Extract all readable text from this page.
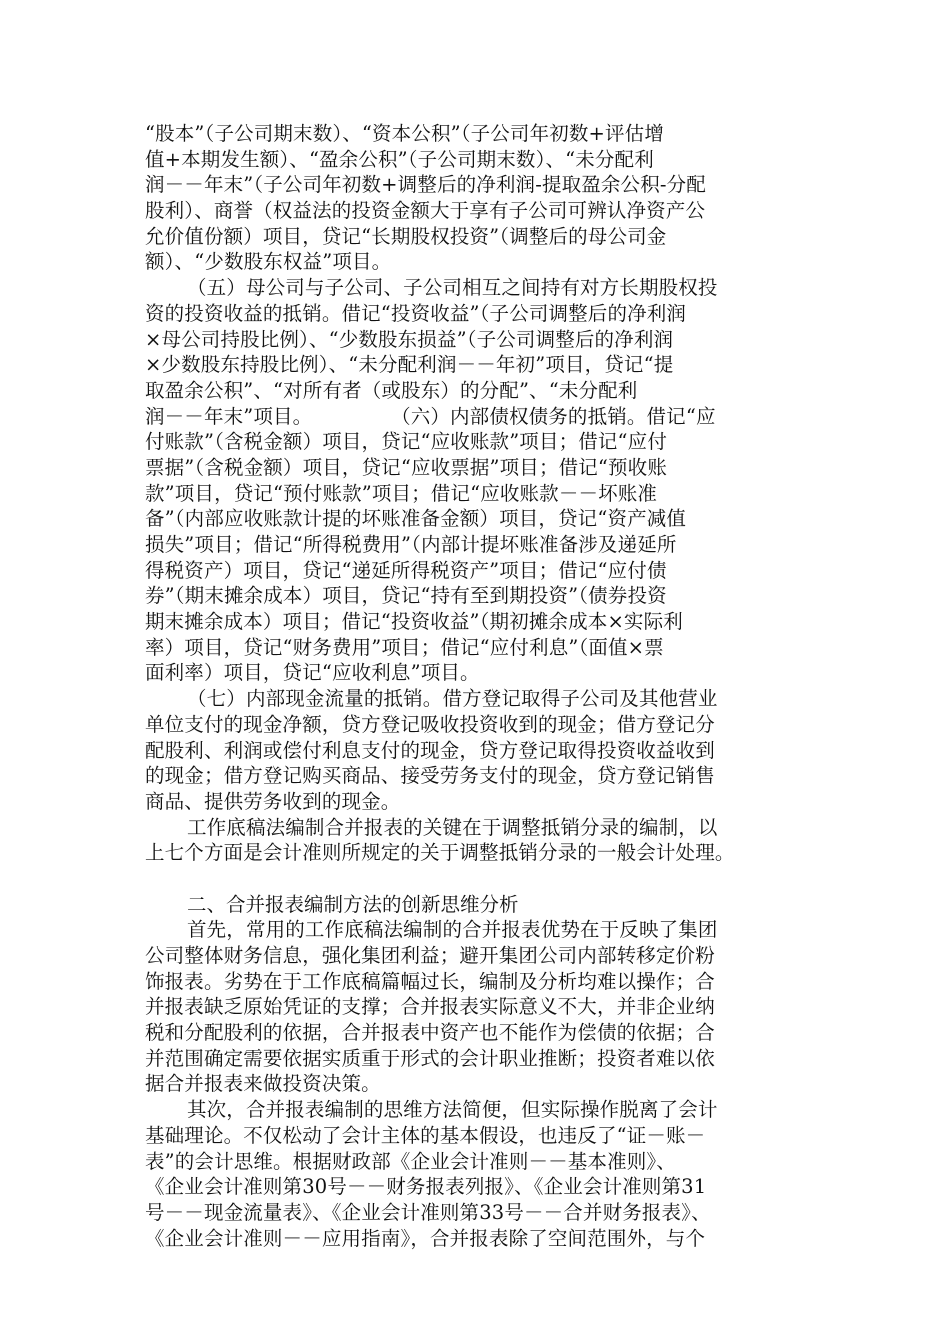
“股本”（子公司期末数）、“资本公积”（子公司年初数+评估增
值+本期发生额）、“盈余公积”（子公司期末数）、“未分配利
润－－年末”（子公司年初数+调整后的净利润-提取盈余公积-分配
股利）、商誉（权益法的投资金额大于享有子公司可辨认净资产公
允价值份额）项目，贷记“长期股权投资”（调整后的母公司金
额）、“少数股东权益”项目。
（五）母公司与子公司、子公司相互之间持有对方长期股权投
资的投资收益的抵销。借记“投资收益”（子公司调整后的净利润
×母公司持股比例）、“少数股东损益”（子公司调整后的净利润
×少数股东持股比例）、“未分配利润－－年初”项目，贷记“提
取盈余公积”、“对所有者（或股东）的分配”、“未分配利
润－－年末”项目。　　　　　（六）内部债权债务的抵销。借记“应
付账款”（含税金额）项目，贷记“应收账款”项目；借记“应付
票据”（含税金额）项目，贷记“应收票据”项目；借记“预收账
款”项目，贷记“预付账款”项目；借记“应收账款－－坏账准
备”（内部应收账款计提的坏账准备金额）项目，贷记“资产减值
损失”项目；借记“所得税费用”（内部计提坏账准备涉及递延所
得税资产）项目，贷记“递延所得税资产”项目；借记“应付债
券”（期末摊余成本）项目，贷记“持有至到期投资”（债券投资
期末摊余成本）项目；借记“投资收益”（期初摊余成本×实际利
率）项目，贷记“财务费用”项目；借记“应付利息”（面值×票
面利率）项目，贷记“应收利息”项目。
（七）内部现金流量的抵销。借方登记取得子公司及其他营业
单位支付的现金净额，贷方登记吸收投资收到的现金；借方登记分
配股利、利润或偿付利息支付的现金，贷方登记取得投资收益收到
的现金；借方登记购买商品、接受劳务支付的现金，贷方登记销售
商品、提供劳务收到的现金。
工作底稿法编制合并报表的关键在于调整抵销分录的编制，以
上七个方面是会计准则所规定的关于调整抵销分录的一般会计处理。
二、合并报表编制方法的创新思维分析
首先，常用的工作底稿法编制的合并报表优势在于反映了集团
公司整体财务信息，强化集团利益；避开集团公司内部转移定价粉
饰报表。劣势在于工作底稿篇幅过长，编制及分析均难以操作；合
并报表缺乏原始凭证的支撑；合并报表实际意义不大，并非企业纳
税和分配股利的依据，合并报表中资产也不能作为偿债的依据；合
并范围确定需要依据实质重于形式的会计职业推断；投资者难以依
据合并报表来做投资决策。
其次，合并报表编制的思维方法简便，但实际操作脱离了会计
基础理论。不仅松动了会计主体的基本假设，也违反了“证－账－
表”的会计思维。根据财政部《企业会计准则－－基本准则》、
《企业会计准则第30号－－财务报表列报》、《企业会计准则第31
号－－现金流量表》、《企业会计准则第33号－－合并财务报表》、
《企业会计准则－－应用指南》，合并报表除了空间范围外，与个
